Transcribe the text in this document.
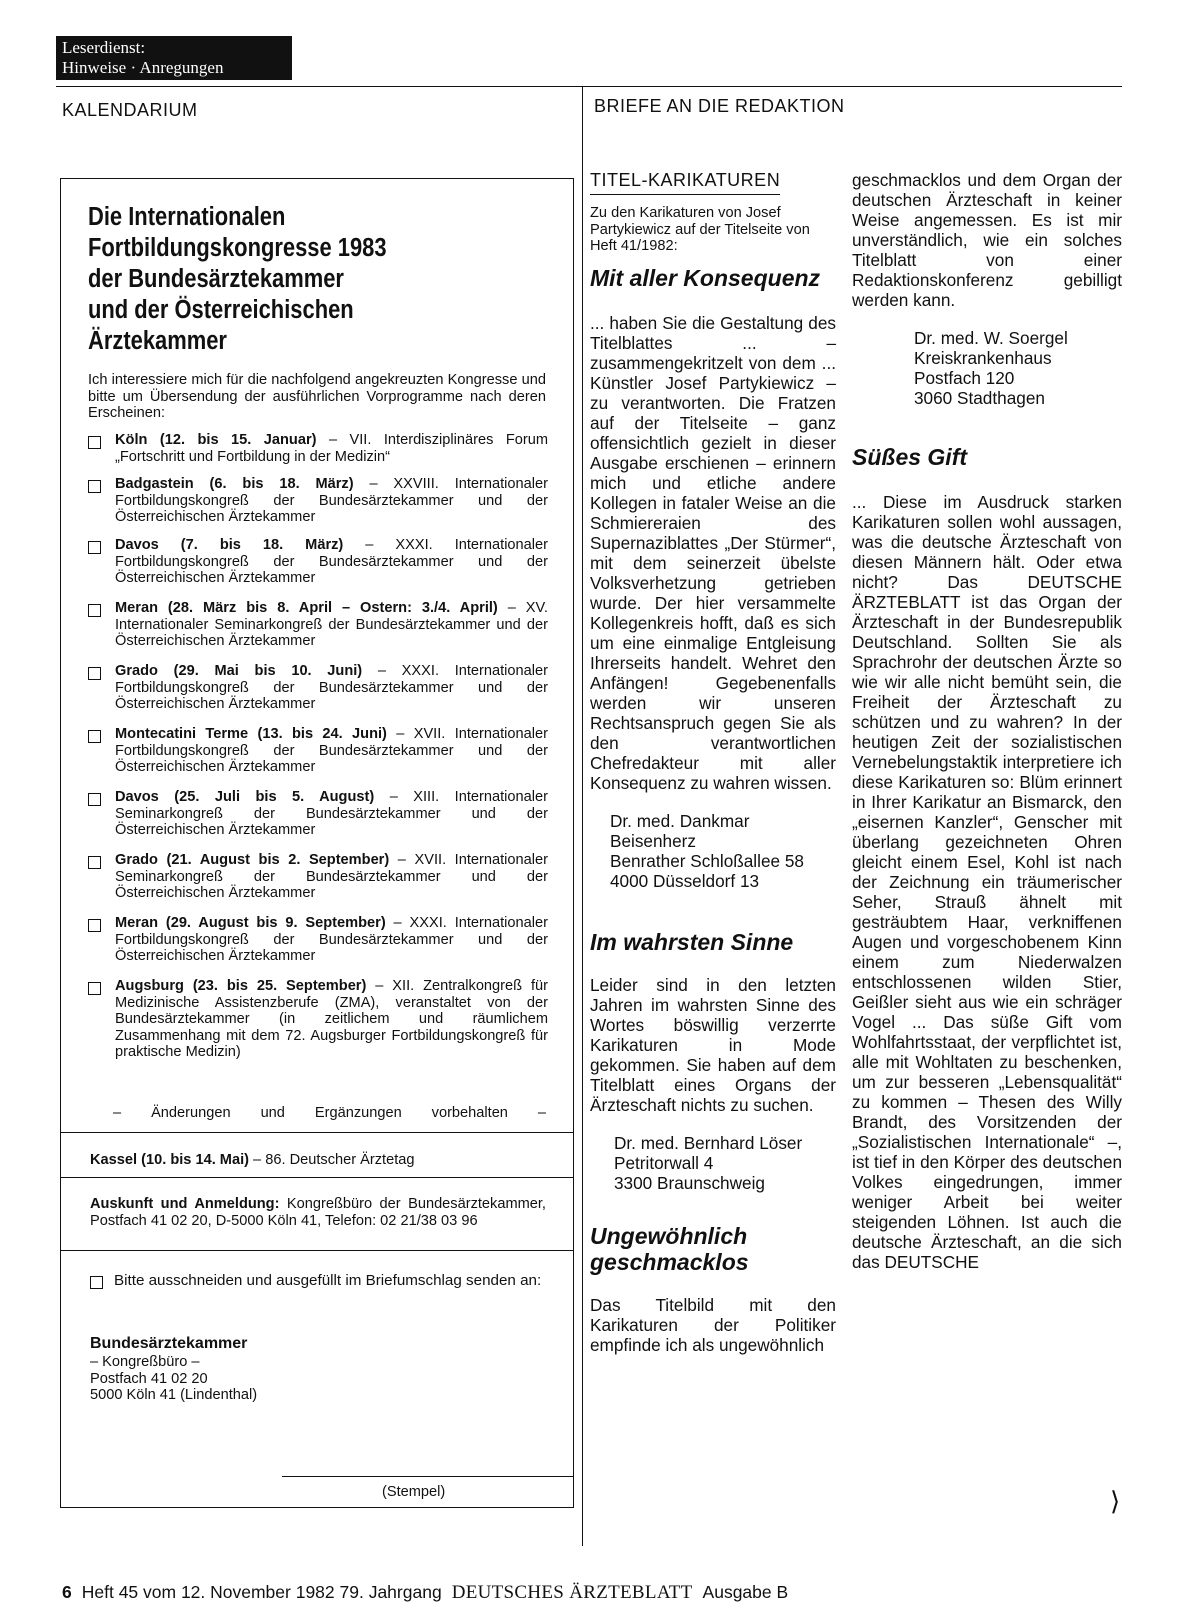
Leserdienst:
Hinweise · Anregungen
KALENDARIUM	BRIEFE AN DIE REDAKTION
Die Internationalen
Fortbildungskongresse 1983
der Bundesärztekammer
und der Österreichischen
Ärztekammer
Ich interessiere mich für die nachfolgend angekreuzten Kongresse und bitte um Übersendung der ausführlichen Vorprogramme nach deren Erscheinen:
Köln (12. bis 15. Januar) – VII. Interdisziplinäres Forum „Fortschritt und Fortbildung in der Medizin“
Badgastein (6. bis 18. März) – XXVIII. Internationaler Fortbildungskongreß der Bundesärztekammer und der Österreichischen Ärztekammer
Davos (7. bis 18. März) – XXXI. Internationaler Fortbildungskongreß der Bundesärztekammer und der Österreichischen Ärztekammer
Meran (28. März bis 8. April – Ostern: 3./4. April) – XV. Internationaler Seminarkongreß der Bundesärztekammer und der Österreichischen Ärztekammer
Grado (29. Mai bis 10. Juni) – XXXI. Internationaler Fortbildungskongreß der Bundesärztekammer und der Österreichischen Ärztekammer
Montecatini Terme (13. bis 24. Juni) – XVII. Internationaler Fortbildungskongreß der Bundesärztekammer und der Österreichischen Ärztekammer
Davos (25. Juli bis 5. August) – XIII. Internationaler Seminarkongreß der Bundesärztekammer und der Österreichischen Ärztekammer
Grado (21. August bis 2. September) – XVII. Internationaler Seminarkongreß der Bundesärztekammer und der Österreichischen Ärztekammer
Meran (29. August bis 9. September) – XXXI. Internationaler Fortbildungskongreß der Bundesärztekammer und der Österreichischen Ärztekammer
Augsburg (23. bis 25. September) – XII. Zentralkongreß für Medizinische Assistenzberufe (ZMA), veranstaltet von der Bundesärztekammer (in zeitlichem und räumlichem Zusammenhang mit dem 72. Augsburger Fortbildungskongreß für praktische Medizin)
– Änderungen und Ergänzungen vorbehalten –
Kassel (10. bis 14. Mai) – 86. Deutscher Ärztetag
Auskunft und Anmeldung: Kongreßbüro der Bundesärztekammer, Postfach 41 02 20, D-5000 Köln 41, Telefon: 02 21/38 03 96
Bitte ausschneiden und ausgefüllt im Briefumschlag senden an:
Bundesärztekammer
– Kongreßbüro –
Postfach 41 02 20
5000 Köln 41 (Lindenthal)
(Stempel)
TITEL-KARIKATUREN
Zu den Karikaturen von Josef Partykiewicz auf der Titelseite von Heft 41/1982:
Mit aller Konsequenz

... haben Sie die Gestaltung des Titelblattes ... – zusammengekritzelt von dem ... Künstler Josef Partykiewicz – zu verantworten. Die Fratzen auf der Titelseite – ganz offensichtlich gezielt in dieser Ausgabe erschienen – erinnern mich und etliche andere Kollegen in fataler Weise an die Schmiereraien des Supernaziblattes „Der Stürmer“, mit dem seinerzeit übelste Volksverhetzung getrieben wurde. Der hier versammelte Kollegenkreis hofft, daß es sich um eine einmalige Entgleisung Ihrerseits handelt. Wehret den Anfängen! Gegebenenfalls werden wir unseren Rechtsanspruch gegen Sie als den verantwortlichen Chefredakteur mit aller Konsequenz zu wahren wissen.

Dr. med. Dankmar
Beisenherz
Benrather Schloßallee 58
4000 Düsseldorf 13
Im wahrsten Sinne

Leider sind in den letzten Jahren im wahrsten Sinne des Wortes böswillig verzerrte Karikaturen in Mode gekommen. Sie haben auf dem Titelblatt eines Organs der Ärzteschaft nichts zu suchen.

Dr. med. Bernhard Löser
Petritorwall 4
3300 Braunschweig
Ungewöhnlich geschmacklos

Das Titelbild mit den Karikaturen der Politiker empfinde ich als ungewöhnlich

geschmacklos und dem Organ der deutschen Ärzteschaft in keiner Weise angemessen. Es ist mir unverständlich, wie ein solches Titelblatt von einer Redaktionskonferenz gebilligt werden kann.

Dr. med. W. Soergel
Kreiskrankenhaus
Postfach 120
3060 Stadthagen
Süßes Gift

... Diese im Ausdruck starken Karikaturen sollen wohl aussagen, was die deutsche Ärzteschaft von diesen Männern hält. Oder etwa nicht? Das DEUTSCHE ÄRZTEBLATT ist das Organ der Ärzteschaft in der Bundesrepublik Deutschland. Sollten Sie als Sprachrohr der deutschen Ärzte so wie wir alle nicht bemüht sein, die Freiheit der Ärzteschaft zu schützen und zu wahren? In der heutigen Zeit der sozialistischen Vernebelungstaktik interpretiere ich diese Karikaturen so: Blüm erinnert in Ihrer Karikatur an Bismarck, den „eisernen Kanzler“, Genscher mit überlang gezeichneten Ohren gleicht einem Esel, Kohl ist nach der Zeichnung ein träumerischer Seher, Strauß ähnelt mit gesträubtem Haar, verkniffenen Augen und vorgeschobenem Kinn einem zum Niederwalzen entschlossenen wilden Stier, Geißler sieht aus wie ein schräger Vogel ... Das süße Gift vom Wohlfahrtsstaat, der verpflichtet ist, alle mit Wohltaten zu beschenken, um zur besseren „Lebensqualität“ zu kommen – Thesen des Willy Brandt, des Vorsitzenden der „Sozialistischen Internationale“ –, ist tief in den Körper des deutschen Volkes eingedrungen, immer weniger Arbeit bei weiter steigenden Löhnen. Ist auch die deutsche Ärzteschaft, an die sich das DEUTSCHE

⟩
6 Heft 45 vom 12. November 1982 79. Jahrgang DEUTSCHES ÄRZTEBLATT Ausgabe B
